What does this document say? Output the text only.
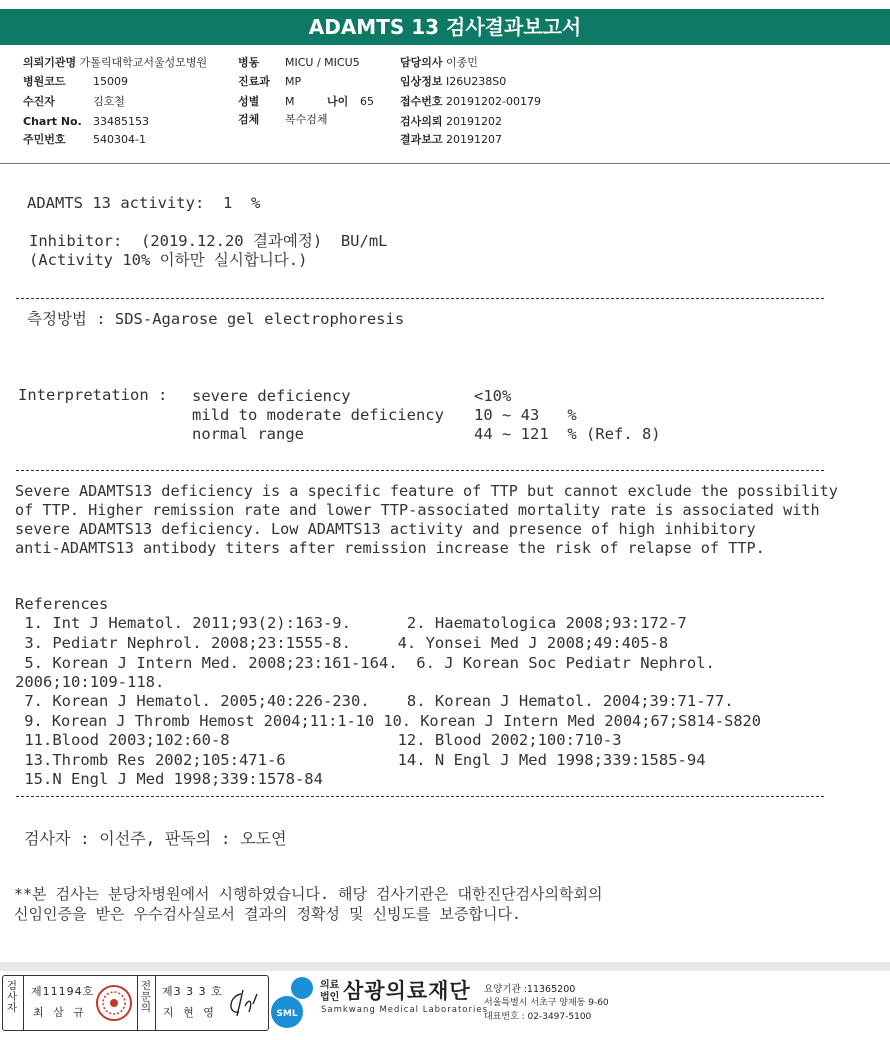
ADAMTS 13 검사결과보고서
의뢰기관명 가톨릭대학교서울성모병원
병원코드 15009
수진자	김호철
Chart No. 33485153
주민번호 540304-1
병동 MICU / MICU5
진료과 MP
성별 M	나이 65
검체 복수검체
담당의사 이종민
임상정보 I26U238S0
접수번호 20191202-00179
검사의뢰 20191202
결과보고 20191207
ADAMTS 13 activity:  1  %
Inhibitor:  (2019.12.20 결과예정)  BU/mL
(Activity 10% 이하만 실시합니다.)
측정방법 : SDS-Agarose gel electrophoresis
Interpretation : severe deficiency	<10%
mild to moderate deficiency 10 ~ 43   %
normal range	44 ~ 121  % (Ref. 8)
Severe ADAMTS13 deficiency is a specific feature of TTP but cannot exclude the possibility
of TTP. Higher remission rate and lower TTP-associated mortality rate is associated with
severe ADAMTS13 deficiency. Low ADAMTS13 activity and presence of high inhibitory
anti-ADAMTS13 antibody titers after remission increase the risk of relapse of TTP.
References
1. Int J Hematol. 2011;93(2):163-9.      2. Haematologica 2008;93:172-7
3. Pediatr Nephrol. 2008;23:1555-8.     4. Yonsei Med J 2008;49:405-8
5. Korean J Intern Med. 2008;23:161-164.  6. J Korean Soc Pediatr Nephrol.
2006;10:109-118.
7. Korean J Hematol. 2005;40:226-230.    8. Korean J Hematol. 2004;39:71-77.
9. Korean J Thromb Hemost 2004;11:1-10 10. Korean J Intern Med 2004;67;S814-S820
11.Blood 2003;102:60-8                  12. Blood 2002;100:710-3
13.Thromb Res 2002;105:471-6            14. N Engl J Med 1998;339:1585-94
15.N Engl J Med 1998;339:1578-84
검사자 : 이선주, 판독의 : 오도연
**본 검사는 분당차병원에서 시행하였습니다. 해당 검사기관은 대한진단검사의학회의
신임인증을 받은 우수검사실로서 결과의 정확성 및 신빙도를 보증합니다.
검사자
제11194호
최 삼 규
전문의
제3 3 3 호
지 현 영	SML
의료법인 삼광의료재단
Samkwang Medical Laboratories
요양기관 :11365200
서울특별시 서초구 양재동 9-60
대표번호 : 02-3497-5100
